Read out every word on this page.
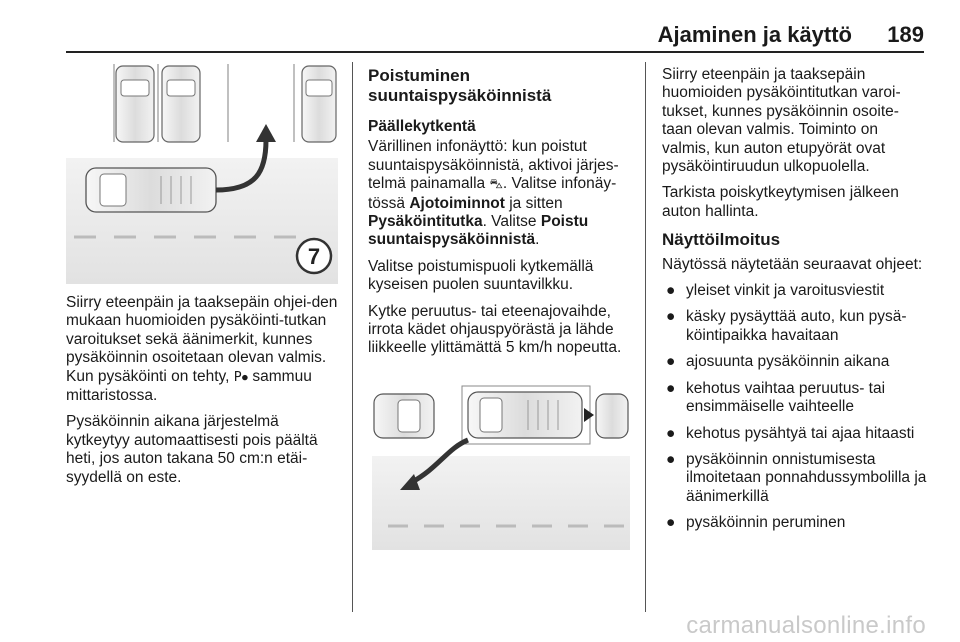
Ajaminen ja käyttö 189
7

Siirry eteenpäin ja taaksepäin ohjei-den mukaan huomioiden pysäköinti-tutkan varoitukset sekä äänimerkit, kunnes pysäköinnin osoitetaan olevan valmis. Kun pysäköinti on tehty, P⦁ sammuu mittaristossa.

Pysäköinnin aikana järjestelmä kytkeytyy automaattisesti pois päältä heti, jos auton takana 50 cm:n etäi-syydellä on este.

Poistuminen suuntaispysäköinnistä
Päällekytkentä

Värillinen infonäyttö: kun poistut suuntaispysäköinnistä, aktivoi järjes-telmä painamalla ⛍. Valitse infonäy-tössä Ajotoiminnot ja sitten Pysäköintitutka. Valitse Poistu suuntaispysäköinnistä.

Valitse poistumispuoli kytkemällä kyseisen puolen suuntavilkku.

Kytke peruutus- tai eteenajovaihde, irrota kädet ohjauspyörästä ja lähde liikkeelle ylittämättä 5 km/h nopeutta.

Siirry eteenpäin ja taaksepäin huomioiden pysäköintitutkan varoi-tukset, kunnes pysäköinnin osoite-taan olevan valmis. Toiminto on valmis, kun auton etupyörät ovat pysäköintiruudun ulkopuolella.

Tarkista poiskytkeytymisen jälkeen auton hallinta.

Näyttöilmoitus

Näytössä näytetään seuraavat ohjeet:

● yleiset vinkit ja varoitusviestit
● käsky pysäyttää auto, kun pysä-köintipaikka havaitaan
● ajosuunta pysäköinnin aikana
● kehotus vaihtaa peruutus- tai ensimmäiselle vaihteelle
● kehotus pysähtyä tai ajaa hitaasti
● pysäköinnin onnistumisesta ilmoitetaan ponnahdussymbolilla ja äänimerkillä
● pysäköinnin peruminen
carmanualsonline.info
